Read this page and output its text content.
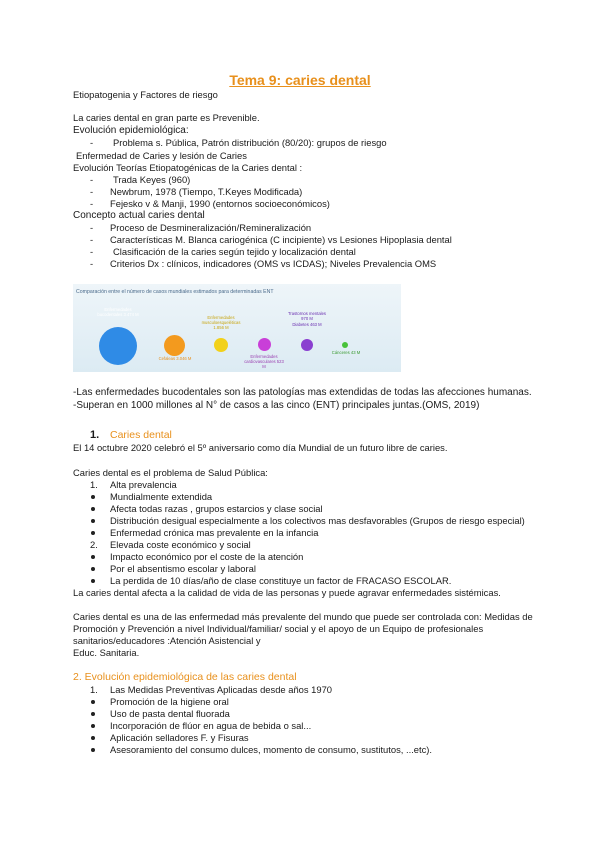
Tema 9: caries dental
Etiopatogenia y Factores de riesgo
La caries dental en gran parte es Prevenible.
Evolución epidemiológica:
- Problema s. Pública, Patrón distribución (80/20): grupos de riesgo
Enfermedad de Caries y lesión de Caries
Evolución Teorías Etiopatogénicas de la Caries dental :
- Trada Keyes (960)
- Newbrum, 1978 (Tiempo, T.Keyes Modificada)
- Fejesko v & Manji, 1990 (entornos socioeconómicos)
Concepto actual caries dental
- Proceso de Desmineralización/Remineralización
- Características M. Blanca cariogénica (C incipiente) vs Lesiones Hipoplasia dental
- Clasificación de la caries según tejido y localización dental
- Criterios Dx : clínicos, indicadores (OMS vs ICDAS); Niveles Prevalencia OMS
Comparación entre el número de casos mundiales estimados para determinadas ENT
Enfermedades bucodentales 3.474 M
Cefaleas 3.046 M
Enfermedades musculoesqueléticas 1.856 M
Enfermedades cardiovasculares 523 M
Trastornos mentales 970 M
Diabetes 463 M
Cánceres 43 M
-Las enfermedades bucodentales son las patologías mas extendidas de todas las afecciones humanas.
-Superan en 1000 millones al N° de casos a las cinco (ENT) principales juntas.(OMS, 2019)
1. Caries dental
El 14 octubre 2020 celebró el 5º aniversario como día Mundial de un futuro libre de caries.
Caries dental es el problema de Salud Pública:
1. Alta prevalencia
Mundialmente extendida
Afecta todas razas , grupos estarcios y clase social
Distribución desigual especialmente a los colectivos mas desfavorables (Grupos de riesgo especial)
Enfermedad crónica mas prevalente en la infancia
2. Elevada coste económico y social
Impacto económico por el coste de la atención
Por el absentismo escolar y laboral
La perdida de 10 días/año de clase constituye un factor de FRACASO ESCOLAR.
La caries dental afecta a la calidad de vida de las personas y puede agravar enfermedades sistémicas.
Caries dental es una de las enfermedad más prevalente del mundo que puede ser controlada con: Medidas de
Promoción y Prevención a nivel Individual/familiar/ social y el apoyo de un Equipo de profesionales
sanitarios/educadores :Atención Asistencial y
Educ. Sanitaria.
2. Evolución epidemiológica de las caries dental
1. Las Medidas Preventivas Aplicadas desde años 1970
Promoción de la higiene oral
Uso de pasta dental fluorada
Incorporación de flúor en agua de bebida o sal...
Aplicación selladores F. y Fisuras
Asesoramiento del consumo dulces, momento de consumo, sustitutos, ...etc).
